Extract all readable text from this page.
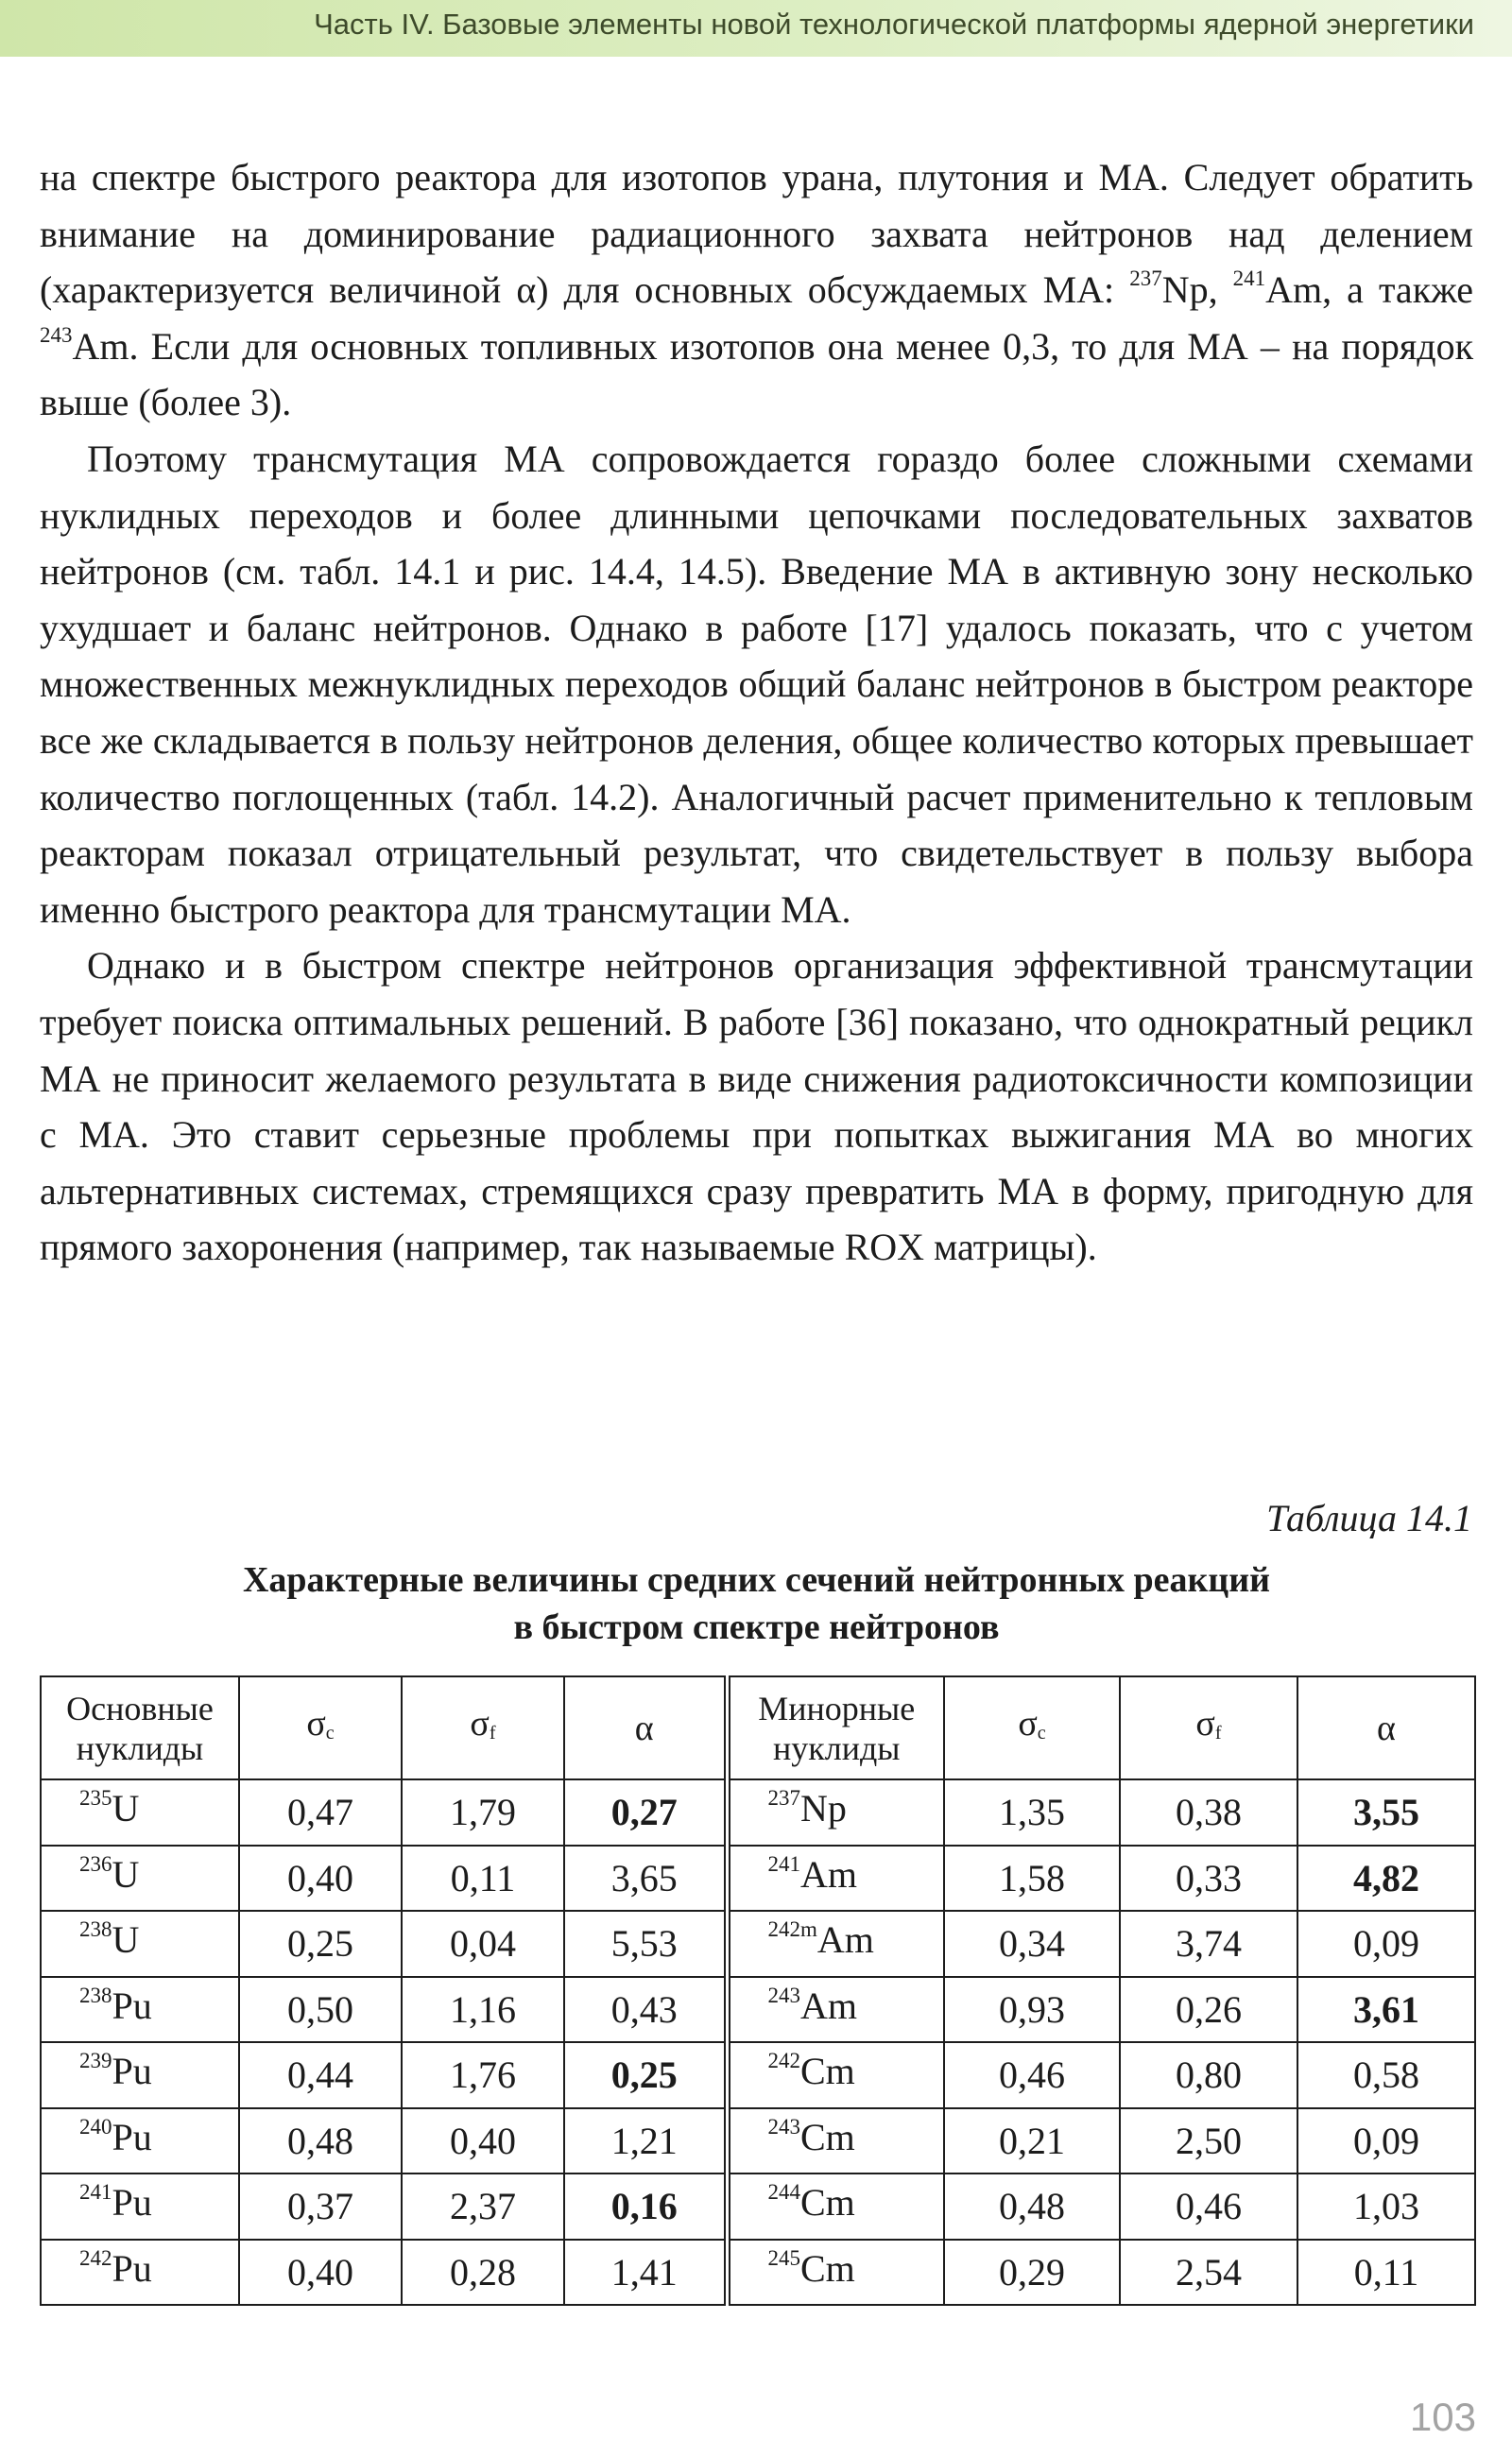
Часть IV. Базовые элементы новой технологической платформы ядерной энергетики

на спектре быстрого реактора для изотопов урана, плутония и МА. Следует обратить внимание на доминирование радиационного захвата нейтронов над делением (характеризуется величиной α) для основных обсуждаемых МА: $^{237}$Np, $^{241}$Am, а также $^{243}$Am. Если для основных топливных изотопов она менее 0,3, то для МА – на порядок выше (более 3).

Поэтому трансмутация МА сопровождается гораздо более сложными схемами нуклидных переходов и более длинными цепочками последовательных захватов нейтронов (см. табл. 14.1 и рис. 14.4, 14.5). Введение МА в активную зону несколько ухудшает и баланс нейтронов. Однако в работе [17] удалось показать, что с учетом множественных межнуклидных переходов общий баланс нейтронов в быстром реакторе все же складывается в пользу нейтронов деления, общее количество которых превышает количество поглощенных (табл. 14.2). Аналогичный расчет применительно к тепловым реакторам показал отрицательный результат, что свидетельствует в пользу выбора именно быстрого реактора для трансмутации МА.

Однако и в быстром спектре нейтронов организация эффективной трансмутации требует поиска оптимальных решений. В работе [36] показано, что однократный рецикл МА не приносит желаемого результата в виде снижения радиотоксичности композиции с МА. Это ставит серьезные проблемы при попытках выжигания МА во многих альтернативных системах, стремящихся сразу превратить МА в форму, пригодную для прямого захоронения (например, так называемые ROX матрицы).

Таблица 14.1
Характерные величины средних сечений нейтронных реакций
в быстром спектре нейтронов
Основные нуклиды	$\sigma_c$	$\sigma_f$	α	Минорные нуклиды	$\sigma_c$	$\sigma_f$	α
$^{235}$U	0,47	1,79	0,27	$^{237}$Np	1,35	0,38	3,55
$^{236}$U	0,40	0,11	3,65	$^{241}$Am	1,58	0,33	4,82
$^{238}$U	0,25	0,04	5,53	$^{242m}$Am	0,34	3,74	0,09
$^{238}$Pu	0,50	1,16	0,43	$^{243}$Am	0,93	0,26	3,61
$^{239}$Pu	0,44	1,76	0,25	$^{242}$Cm	0,46	0,80	0,58
$^{240}$Pu	0,48	0,40	1,21	$^{243}$Cm	0,21	2,50	0,09
$^{241}$Pu	0,37	2,37	0,16	$^{244}$Cm	0,48	0,46	1,03
$^{242}$Pu	0,40	0,28	1,41	$^{245}$Cm	0,29	2,54	0,11
103
